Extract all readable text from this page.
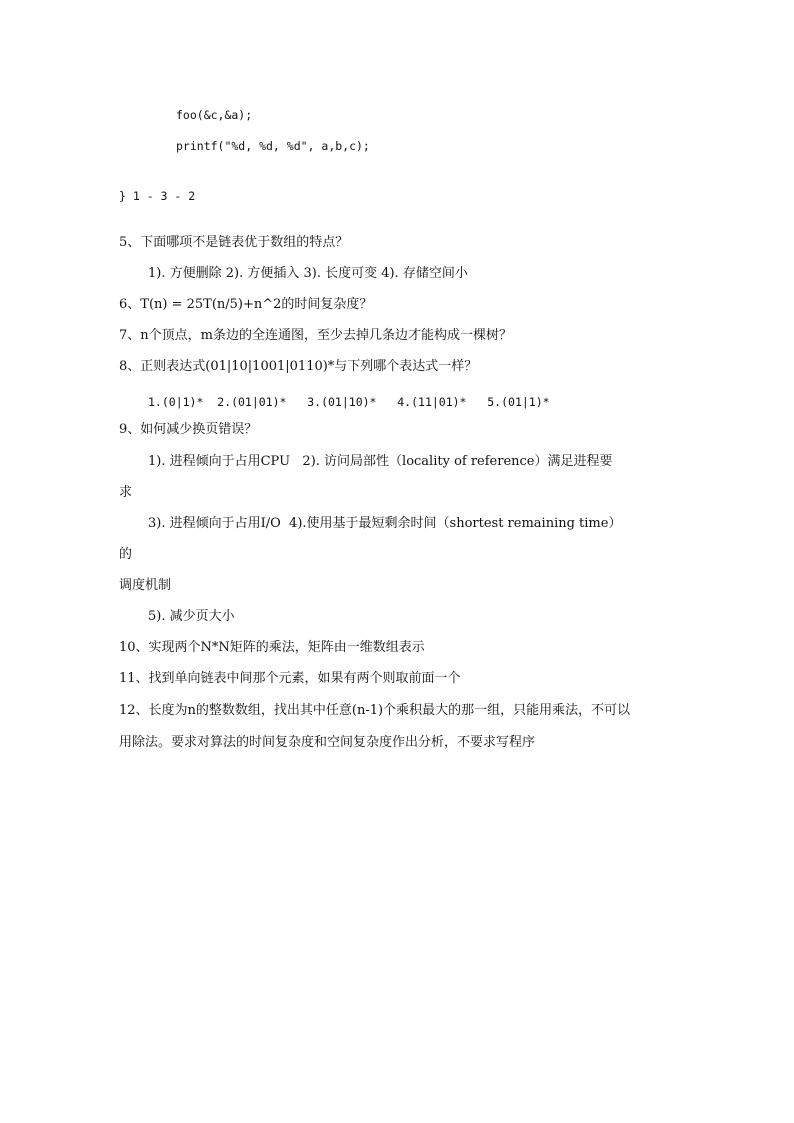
foo(&c,&a);

printf("%d, %d, %d", a,b,c);

} 1 - 3 - 2

5、下面哪项不是链表优于数组的特点？

1). 方便删除 2). 方便插入 3). 长度可变 4). 存储空间小

6、T(n) = 25T(n/5)+n^2的时间复杂度？

7、n个顶点，m条边的全连通图，至少去掉几条边才能构成一棵树？

8、正则表达式(01|10|1001|0110)*与下列哪个表达式一样？

1.(0|1)*  2.(01|01)*   3.(01|10)*   4.(11|01)*   5.(01|1)*

9、如何减少换页错误？

1). 进程倾向于占用CPU   2). 访问局部性（locality of reference）满足进程要

求

3). 进程倾向于占用I/O  4).使用基于最短剩余时间（shortest remaining time）

的

调度机制

5). 减少页大小

10、实现两个N*N矩阵的乘法，矩阵由一维数组表示

11、找到单向链表中间那个元素，如果有两个则取前面一个

12、长度为n的整数数组，找出其中任意(n-1)个乘积最大的那一组，只能用乘法，不可以

用除法。要求对算法的时间复杂度和空间复杂度作出分析，不要求写程序
